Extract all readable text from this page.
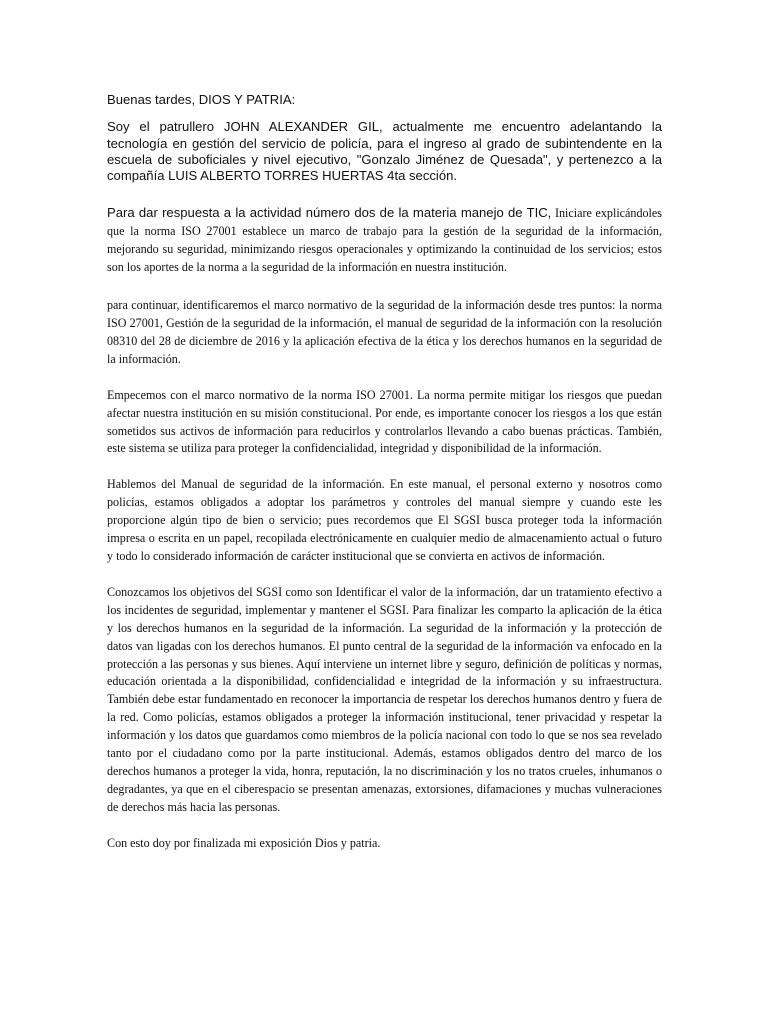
Buenas tardes, DIOS Y PATRIA:

Soy el patrullero JOHN ALEXANDER GIL, actualmente me encuentro adelantando la tecnología en gestión del servicio de policía, para el ingreso al grado de subintendente en la escuela de suboficiales y nivel ejecutivo, "Gonzalo Jiménez de Quesada", y pertenezco a la compañía LUIS ALBERTO TORRES HUERTAS 4ta sección.

Para dar respuesta a la actividad número dos de la materia manejo de TIC, Iniciare explicándoles que la norma ISO 27001 establece un marco de trabajo para la gestión de la seguridad de la información, mejorando su seguridad, minimizando riesgos operacionales y optimizando la continuidad de los servicios; estos son los aportes de la norma a la seguridad de la información en nuestra institución.

para continuar, identificaremos el marco normativo de la seguridad de la información desde tres puntos: la norma ISO 27001, Gestión de la seguridad de la información, el manual de seguridad de la información con la resolución 08310 del 28 de diciembre de 2016 y la aplicación efectiva de la ética y los derechos humanos en la seguridad de la información.

Empecemos con el marco normativo de la norma ISO 27001. La norma permite mitigar los riesgos que puedan afectar nuestra institución en su misión constitucional. Por ende, es importante conocer los riesgos a los que están sometidos sus activos de información para reducirlos y controlarlos llevando a cabo buenas prácticas. También, este sistema se utiliza para proteger la confidencialidad, integridad y disponibilidad de la información.

Hablemos del Manual de seguridad de la información. En este manual, el personal externo y nosotros como policías, estamos obligados a adoptar los parámetros y controles del manual siempre y cuando este les proporcione algún tipo de bien o servicio; pues recordemos que El SGSI busca proteger toda la información impresa o escrita en un papel, recopilada electrónicamente en cualquier medio de almacenamiento actual o futuro y todo lo considerado información de carácter institucional que se convierta en activos de información.

Conozcamos los objetivos del SGSI como son Identificar el valor de la información, dar un tratamiento efectivo a los incidentes de seguridad, implementar y mantener el SGSI. Para finalizar les comparto la aplicación de la ética y los derechos humanos en la seguridad de la información. La seguridad de la información y la protección de datos van ligadas con los derechos humanos. El punto central de la seguridad de la información va enfocado en la protección a las personas y sus bienes. Aquí interviene un internet libre y seguro, definición de políticas y normas, educación orientada a la disponibilidad, confidencialidad e integridad de la información y su infraestructura. También debe estar fundamentado en reconocer la importancia de respetar los derechos humanos dentro y fuera de la red. Como policías, estamos obligados a proteger la información institucional, tener privacidad y respetar la información y los datos que guardamos como miembros de la policía nacional con todo lo que se nos sea revelado tanto por el ciudadano como por la parte institucional. Además, estamos obligados dentro del marco de los derechos humanos a proteger la vida, honra, reputación, la no discriminación y los no tratos crueles, inhumanos o degradantes, ya que en el ciberespacio se presentan amenazas, extorsiones, difamaciones y muchas vulneraciones de derechos más hacia las personas.

Con esto doy por finalizada mi exposición Dios y patria.
